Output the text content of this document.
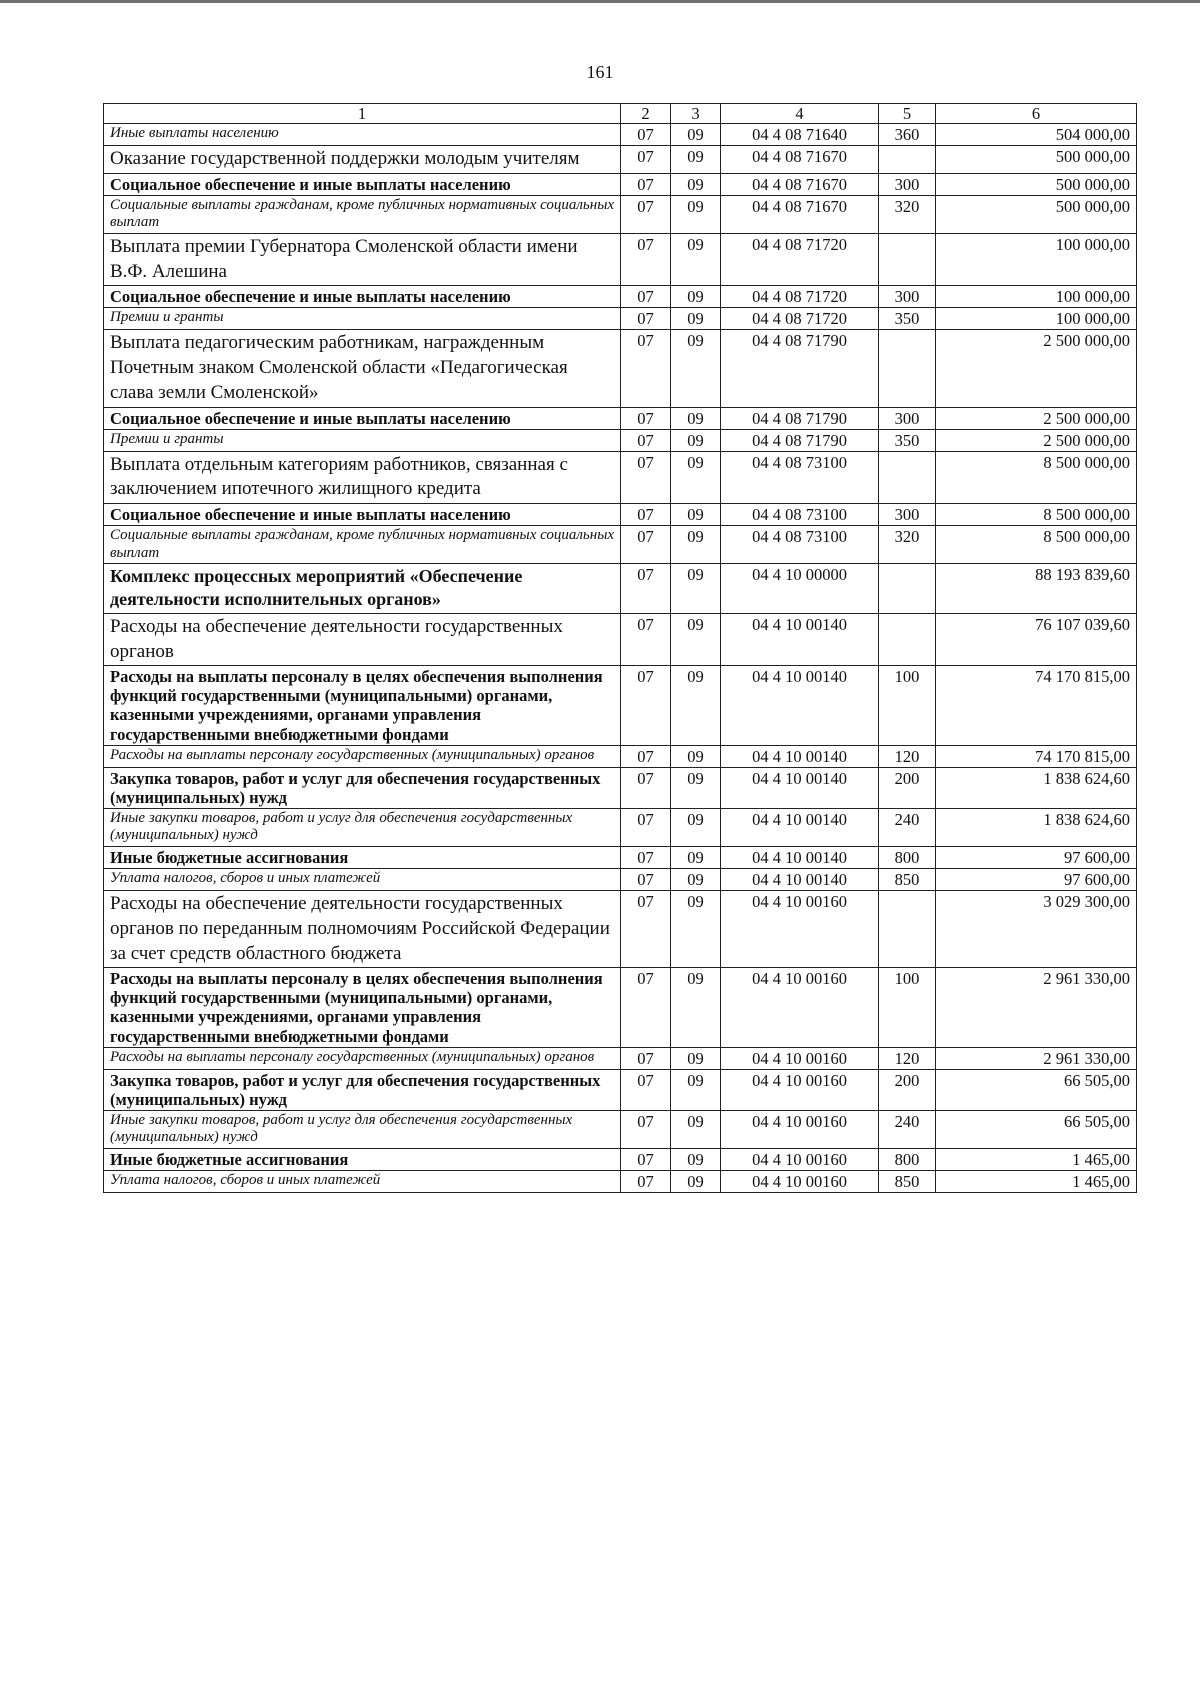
161
1	2	3	4	5	6
Иные выплаты населению	07	09	04 4 08 71640	360	504 000,00
Оказание государственной поддержки молодым учителям	07	09	04 4 08 71670		500 000,00
Социальное обеспечение и иные выплаты населению	07	09	04 4 08 71670	300	500 000,00
Социальные выплаты гражданам, кроме публичных нормативных социальных выплат	07	09	04 4 08 71670	320	500 000,00
Выплата премии Губернатора Смоленской области имени В.Ф. Алешина	07	09	04 4 08 71720		100 000,00
Социальное обеспечение и иные выплаты населению	07	09	04 4 08 71720	300	100 000,00
Премии и гранты	07	09	04 4 08 71720	350	100 000,00
Выплата педагогическим работникам, награжденным Почетным знаком Смоленской области «Педагогическая слава земли Смоленской»	07	09	04 4 08 71790		2 500 000,00
Социальное обеспечение и иные выплаты населению	07	09	04 4 08 71790	300	2 500 000,00
Премии и гранты	07	09	04 4 08 71790	350	2 500 000,00
Выплата отдельным категориям работников, связанная с заключением ипотечного жилищного кредита	07	09	04 4 08 73100		8 500 000,00
Социальное обеспечение и иные выплаты населению	07	09	04 4 08 73100	300	8 500 000,00
Социальные выплаты гражданам, кроме публичных нормативных социальных выплат	07	09	04 4 08 73100	320	8 500 000,00
Комплекс процессных мероприятий «Обеспечение деятельности исполнительных органов»	07	09	04 4 10 00000		88 193 839,60
Расходы на обеспечение деятельности государственных органов	07	09	04 4 10 00140		76 107 039,60
Расходы на выплаты персоналу в целях обеспечения выполнения функций государственными (муниципальными) органами, казенными учреждениями, органами управления государственными внебюджетными фондами	07	09	04 4 10 00140	100	74 170 815,00
Расходы на выплаты персоналу государственных (муниципальных) органов	07	09	04 4 10 00140	120	74 170 815,00
Закупка товаров, работ и услуг для обеспечения государственных (муниципальных) нужд	07	09	04 4 10 00140	200	1 838 624,60
Иные закупки товаров, работ и услуг для обеспечения государственных (муниципальных) нужд	07	09	04 4 10 00140	240	1 838 624,60
Иные бюджетные ассигнования	07	09	04 4 10 00140	800	97 600,00
Уплата налогов, сборов и иных платежей	07	09	04 4 10 00140	850	97 600,00
Расходы на обеспечение деятельности государственных органов по переданным полномочиям Российской Федерации за счет средств областного бюджета	07	09	04 4 10 00160		3 029 300,00
Расходы на выплаты персоналу в целях обеспечения выполнения функций государственными (муниципальными) органами, казенными учреждениями, органами управления государственными внебюджетными фондами	07	09	04 4 10 00160	100	2 961 330,00
Расходы на выплаты персоналу государственных (муниципальных) органов	07	09	04 4 10 00160	120	2 961 330,00
Закупка товаров, работ и услуг для обеспечения государственных (муниципальных) нужд	07	09	04 4 10 00160	200	66 505,00
Иные закупки товаров, работ и услуг для обеспечения государственных (муниципальных) нужд	07	09	04 4 10 00160	240	66 505,00
Иные бюджетные ассигнования	07	09	04 4 10 00160	800	1 465,00
Уплата налогов, сборов и иных платежей	07	09	04 4 10 00160	850	1 465,00
